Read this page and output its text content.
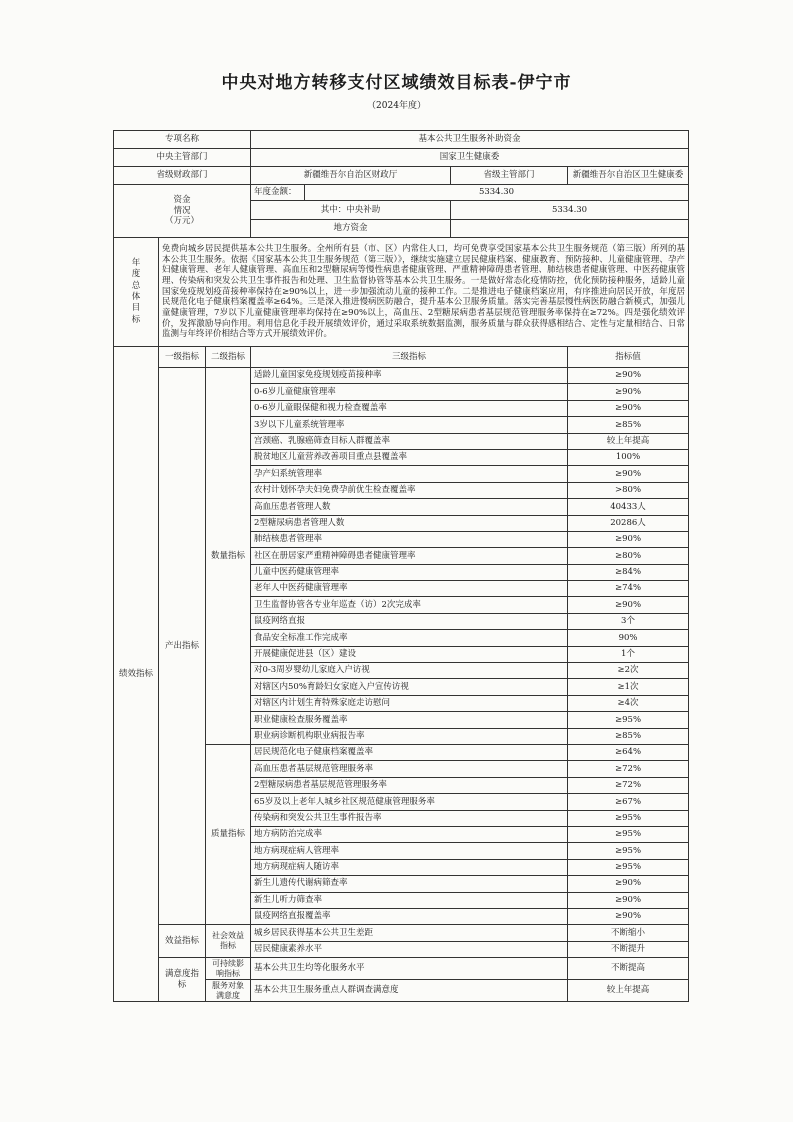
中央对地方转移支付区域绩效目标表-伊宁市
（2024年度）
专项名称			基本公共卫生服务补助资金			
中央主管部门			国家卫生健康委			
省级财政部门			新疆维吾尔自治区财政厅		省级主管部门	新疆维吾尔自治区卫生健康委
资金
情况
（万元）			年度金额：	5334.30		
			其中：中央补助		5334.30	
			地方资金			

年度总体目标	免费向城乡居民提供基本公共卫生服务。全州所有县（市、区）内常住人口，均可免费享受国家基本公共卫生服务规范（第三版）所列的基本公共卫生服务。依据《国家基本公共卫生服务规范（第三版）》，继续实施建立居民健康档案、健康教育、预防接种、儿童健康管理、孕产妇健康管理、老年人健康管理、高血压和2型糖尿病等慢性病患者健康管理、严重精神障碍患者管理、肺结核患者健康管理、中医药健康管理、传染病和突发公共卫生事件报告和处理、卫生监督协管等基本公共卫生服务。一是做好常态化疫情防控，优化预防接种服务，适龄儿童国家免疫规划疫苗接种率保持在≥90%以上，进一步加强流动儿童的接种工作。二是推进电子健康档案应用，有序推进向居民开放，年度居民规范化电子健康档案覆盖率≥64%。三是深入推进慢病医防融合，提升基本公卫服务质量。落实完善基层慢性病医防融合新模式，加强儿童健康管理，7岁以下儿童健康管理率均保持在≥90%以上，高血压、2型糖尿病患者基层规范管理服务率保持在≥72%。四是强化绩效评价，发挥激励导向作用。利用信息化手段开展绩效评价，通过采取系统数据监测，服务质量与群众获得感相结合、定性与定量相结合、日常监测与年终评价相结合等方式开展绩效评价。					
绩效指标	一级指标	二级指标	三级指标			指标值
	产出指标	数量指标	适龄儿童国家免疫规划疫苗接种率			≥90%
			0-6岁儿童健康管理率			≥90%
			0-6岁儿童眼保健和视力检查覆盖率			≥90%
			3岁以下儿童系统管理率			≥85%
			宫颈癌、乳腺癌筛查目标人群覆盖率			较上年提高
			脱贫地区儿童营养改善项目重点县覆盖率			100%
			孕产妇系统管理率			≥90%
			农村计划怀孕夫妇免费孕前优生检查覆盖率			>80%
			高血压患者管理人数			40433人
			2型糖尿病患者管理人数			20286人
			肺结核患者管理率			≥90%
			社区在册居家严重精神障碍患者健康管理率			≥80%
			儿童中医药健康管理率			≥84%
			老年人中医药健康管理率			≥74%
			卫生监督协管各专业年巡查（访）2次完成率			≥90%
			鼠疫网络直报			3个
			食品安全标准工作完成率			90%
			开展健康促进县（区）建设			1个
			对0-3周岁婴幼儿家庭入户访视			≥2次
			对辖区内50%育龄妇女家庭入户宣传访视			≥1次
			对辖区内计划生育特殊家庭走访慰问			≥4次
			职业健康检查服务覆盖率			≥95%
			职业病诊断机构职业病报告率			≥85%
		质量指标	居民规范化电子健康档案覆盖率			≥64%
			高血压患者基层规范管理服务率			≥72%
			2型糖尿病患者基层规范管理服务率			≥72%
			65岁及以上老年人城乡社区规范健康管理服务率			≥67%
			传染病和突发公共卫生事件报告率			≥95%
			地方病防治完成率			≥95%
			地方病现症病人管理率			≥95%
			地方病现症病人随访率			≥95%
			新生儿遗传代谢病筛查率			≥90%
			新生儿听力筛查率			≥90%
			鼠疫网络直报覆盖率			≥90%
	效益指标	社会效益指标	城乡居民获得基本公共卫生差距			不断缩小
			居民健康素养水平			不断提升
	满意度指标	可持续影响指标	基本公共卫生均等化服务水平			不断提高
		服务对象满意度	基本公共卫生服务重点人群调查满意度			较上年提高
